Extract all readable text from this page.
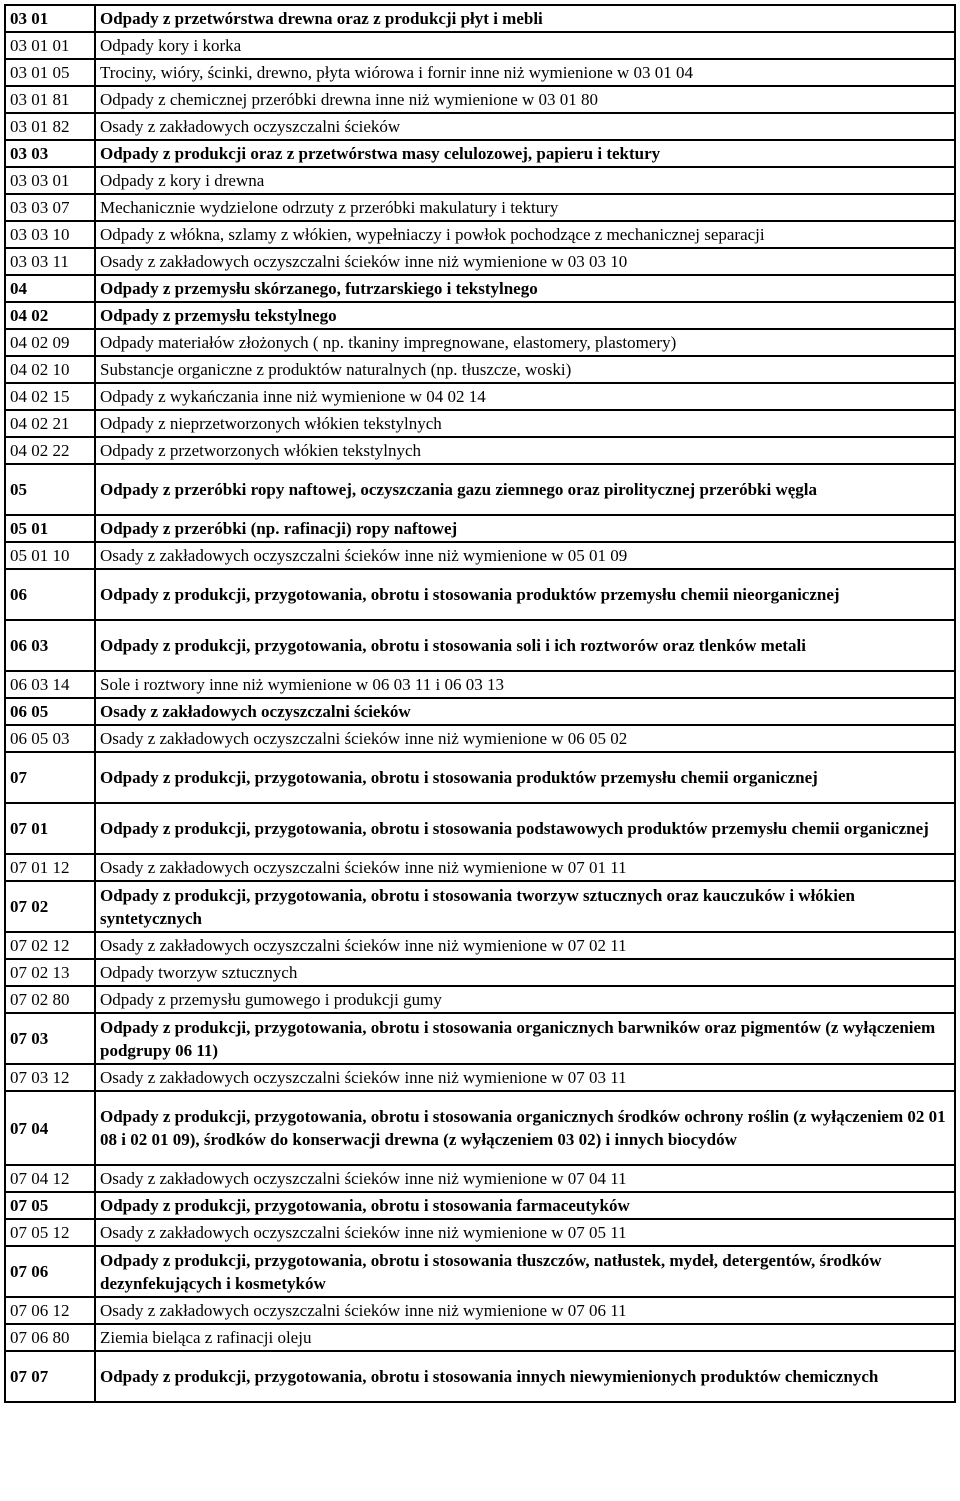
03 01	Odpady z przetwórstwa drewna oraz z produkcji płyt i mebli
03 01 01	Odpady kory i korka
03 01 05	Trociny, wióry, ścinki, drewno, płyta wiórowa i fornir inne niż wymienione w 03 01 04
03 01 81	Odpady z chemicznej przeróbki drewna inne niż wymienione w 03 01 80
03 01 82	Osady z zakładowych oczyszczalni ścieków
03 03	Odpady z produkcji oraz z przetwórstwa masy celulozowej, papieru i tektury
03 03 01	Odpady z kory i drewna
03 03 07	Mechanicznie wydzielone odrzuty z przeróbki makulatury i tektury
03 03 10	Odpady z włókna, szlamy z włókien, wypełniaczy i powłok pochodzące z mechanicznej separacji
03 03 11	Osady z zakładowych oczyszczalni ścieków inne niż wymienione w 03 03 10
04	Odpady z przemysłu skórzanego, futrzarskiego i tekstylnego
04 02	Odpady z przemysłu tekstylnego
04 02 09	Odpady materiałów złożonych ( np. tkaniny impregnowane, elastomery, plastomery)
04 02 10	Substancje organiczne z produktów naturalnych (np. tłuszcze, woski)
04 02 15	Odpady z wykańczania inne niż wymienione w 04 02 14
04 02 21	Odpady z nieprzetworzonych włókien tekstylnych
04 02 22	Odpady z przetworzonych włókien tekstylnych
05	Odpady z przeróbki ropy naftowej, oczyszczania gazu ziemnego oraz pirolitycznej przeróbki węgla
05 01	Odpady z przeróbki (np. rafinacji) ropy naftowej
05 01 10	Osady z zakładowych oczyszczalni ścieków inne niż wymienione w 05 01 09
06	Odpady z produkcji, przygotowania, obrotu i stosowania produktów przemysłu chemii nieorganicznej
06 03	Odpady z produkcji, przygotowania, obrotu i stosowania soli i ich roztworów oraz tlenków metali
06 03 14	Sole i roztwory inne niż wymienione w 06 03 11 i 06 03 13
06 05	Osady z zakładowych oczyszczalni ścieków
06 05 03	Osady z zakładowych oczyszczalni ścieków inne niż wymienione w 06 05 02
07	Odpady z produkcji, przygotowania, obrotu i stosowania produktów przemysłu chemii organicznej
07 01	Odpady z produkcji, przygotowania, obrotu i stosowania podstawowych produktów przemysłu chemii organicznej
07 01 12	Osady z zakładowych oczyszczalni ścieków inne niż wymienione w 07 01 11
07 02	Odpady z produkcji, przygotowania, obrotu i stosowania tworzyw sztucznych oraz kauczuków i włókien syntetycznych
07 02 12	Osady z zakładowych oczyszczalni ścieków inne niż wymienione w 07 02 11
07 02 13	Odpady tworzyw sztucznych
07 02 80	Odpady z przemysłu gumowego i produkcji gumy
07 03	Odpady z produkcji, przygotowania, obrotu i stosowania organicznych barwników oraz pigmentów (z wyłączeniem podgrupy 06 11)
07 03 12	Osady z zakładowych oczyszczalni ścieków inne niż wymienione w 07 03 11
07 04	Odpady z produkcji, przygotowania, obrotu i stosowania organicznych środków ochrony roślin (z wyłączeniem 02 01 08 i 02 01 09), środków do konserwacji drewna (z wyłączeniem 03 02) i innych biocydów
07 04 12	Osady z zakładowych oczyszczalni ścieków inne niż wymienione w 07 04 11
07 05	Odpady z produkcji, przygotowania, obrotu i stosowania farmaceutyków
07 05 12	Osady z zakładowych oczyszczalni ścieków inne niż wymienione w 07 05 11
07 06	Odpady z produkcji, przygotowania, obrotu i stosowania tłuszczów, natłustek, mydeł, detergentów, środków dezynfekujących i kosmetyków
07 06 12	Osady z zakładowych oczyszczalni ścieków inne niż wymienione w 07 06 11
07 06 80	Ziemia bieląca z rafinacji oleju
07 07	Odpady z produkcji, przygotowania, obrotu i stosowania innych niewymienionych produktów chemicznych
